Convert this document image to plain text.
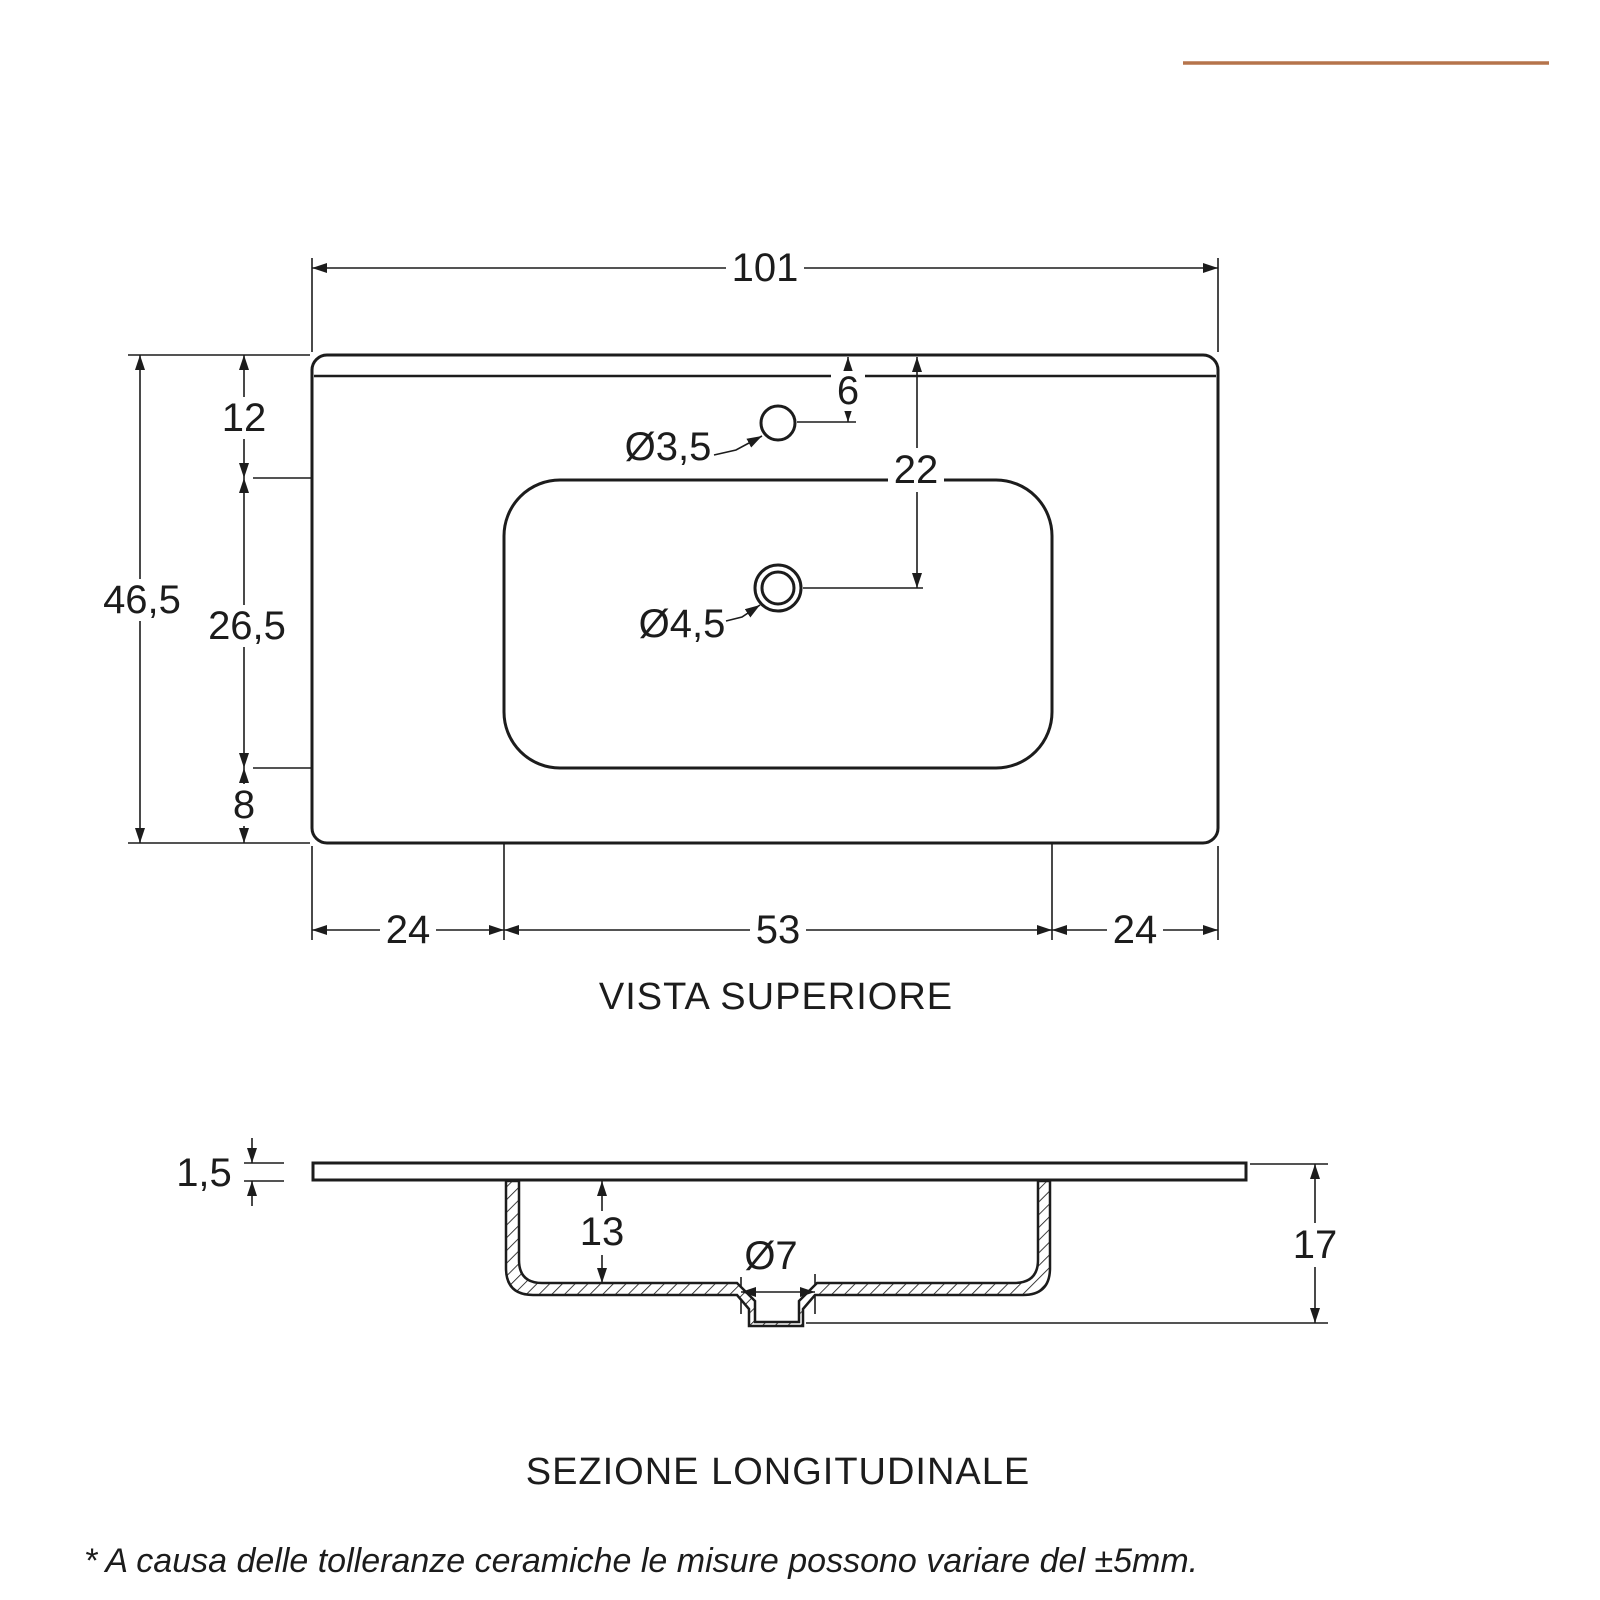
101
46,5
12
26,5
8
6
22
24	53	24
Ø3,5
Ø4,5
VISTA SUPERIORE
1,5
13
Ø7	17
SEZIONE LONGITUDINALE
* A causa delle tolleranze ceramiche le misure possono variare del ±5mm.
